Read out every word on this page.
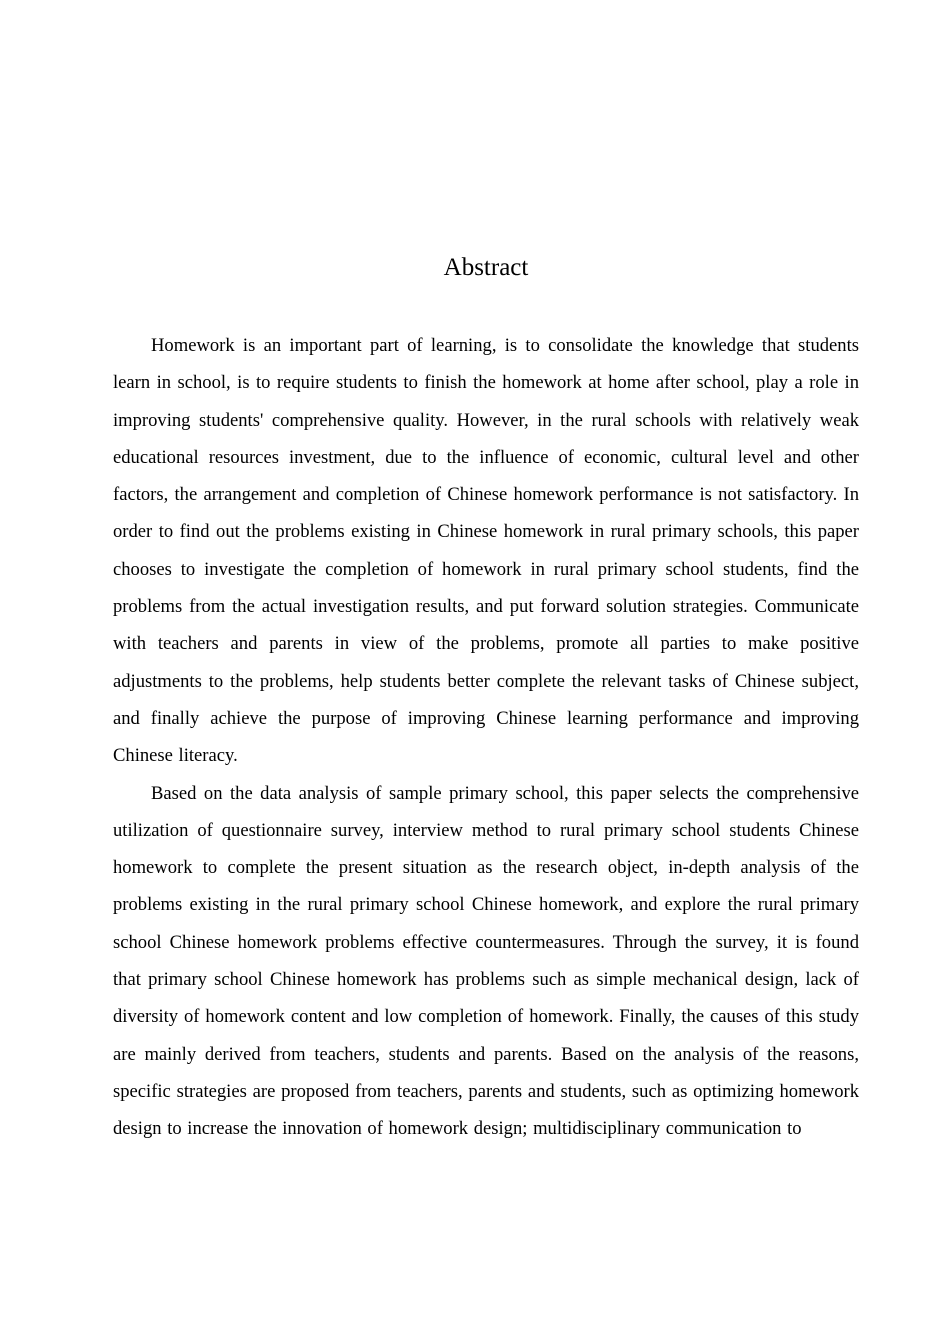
Abstract

Homework is an important part of learning, is to consolidate the knowledge that students learn in school, is to require students to finish the homework at home after school, play a role in improving students' comprehensive quality. However, in the rural schools with relatively weak educational resources investment, due to the influence of economic, cultural level and other factors, the arrangement and completion of Chinese homework performance is not satisfactory. In order to find out the problems existing in Chinese homework in rural primary schools, this paper chooses to investigate the completion of homework in rural primary school students, find the problems from the actual investigation results, and put forward solution strategies. Communicate with teachers and parents in view of the problems, promote all parties to make positive adjustments to the problems, help students better complete the relevant tasks of Chinese subject, and finally achieve the purpose of improving Chinese learning performance and improving Chinese literacy.

Based on the data analysis of sample primary school, this paper selects the comprehensive utilization of questionnaire survey, interview method to rural primary school students Chinese homework to complete the present situation as the research object, in-depth analysis of the problems existing in the rural primary school Chinese homework, and explore the rural primary school Chinese homework problems effective countermeasures. Through the survey, it is found that primary school Chinese homework has problems such as simple mechanical design, lack of diversity of homework content and low completion of homework. Finally, the causes of this study are mainly derived from teachers, students and parents. Based on the analysis of the reasons, specific strategies are proposed from teachers, parents and students, such as optimizing homework design to increase the innovation of homework design; multidisciplinary communication to
